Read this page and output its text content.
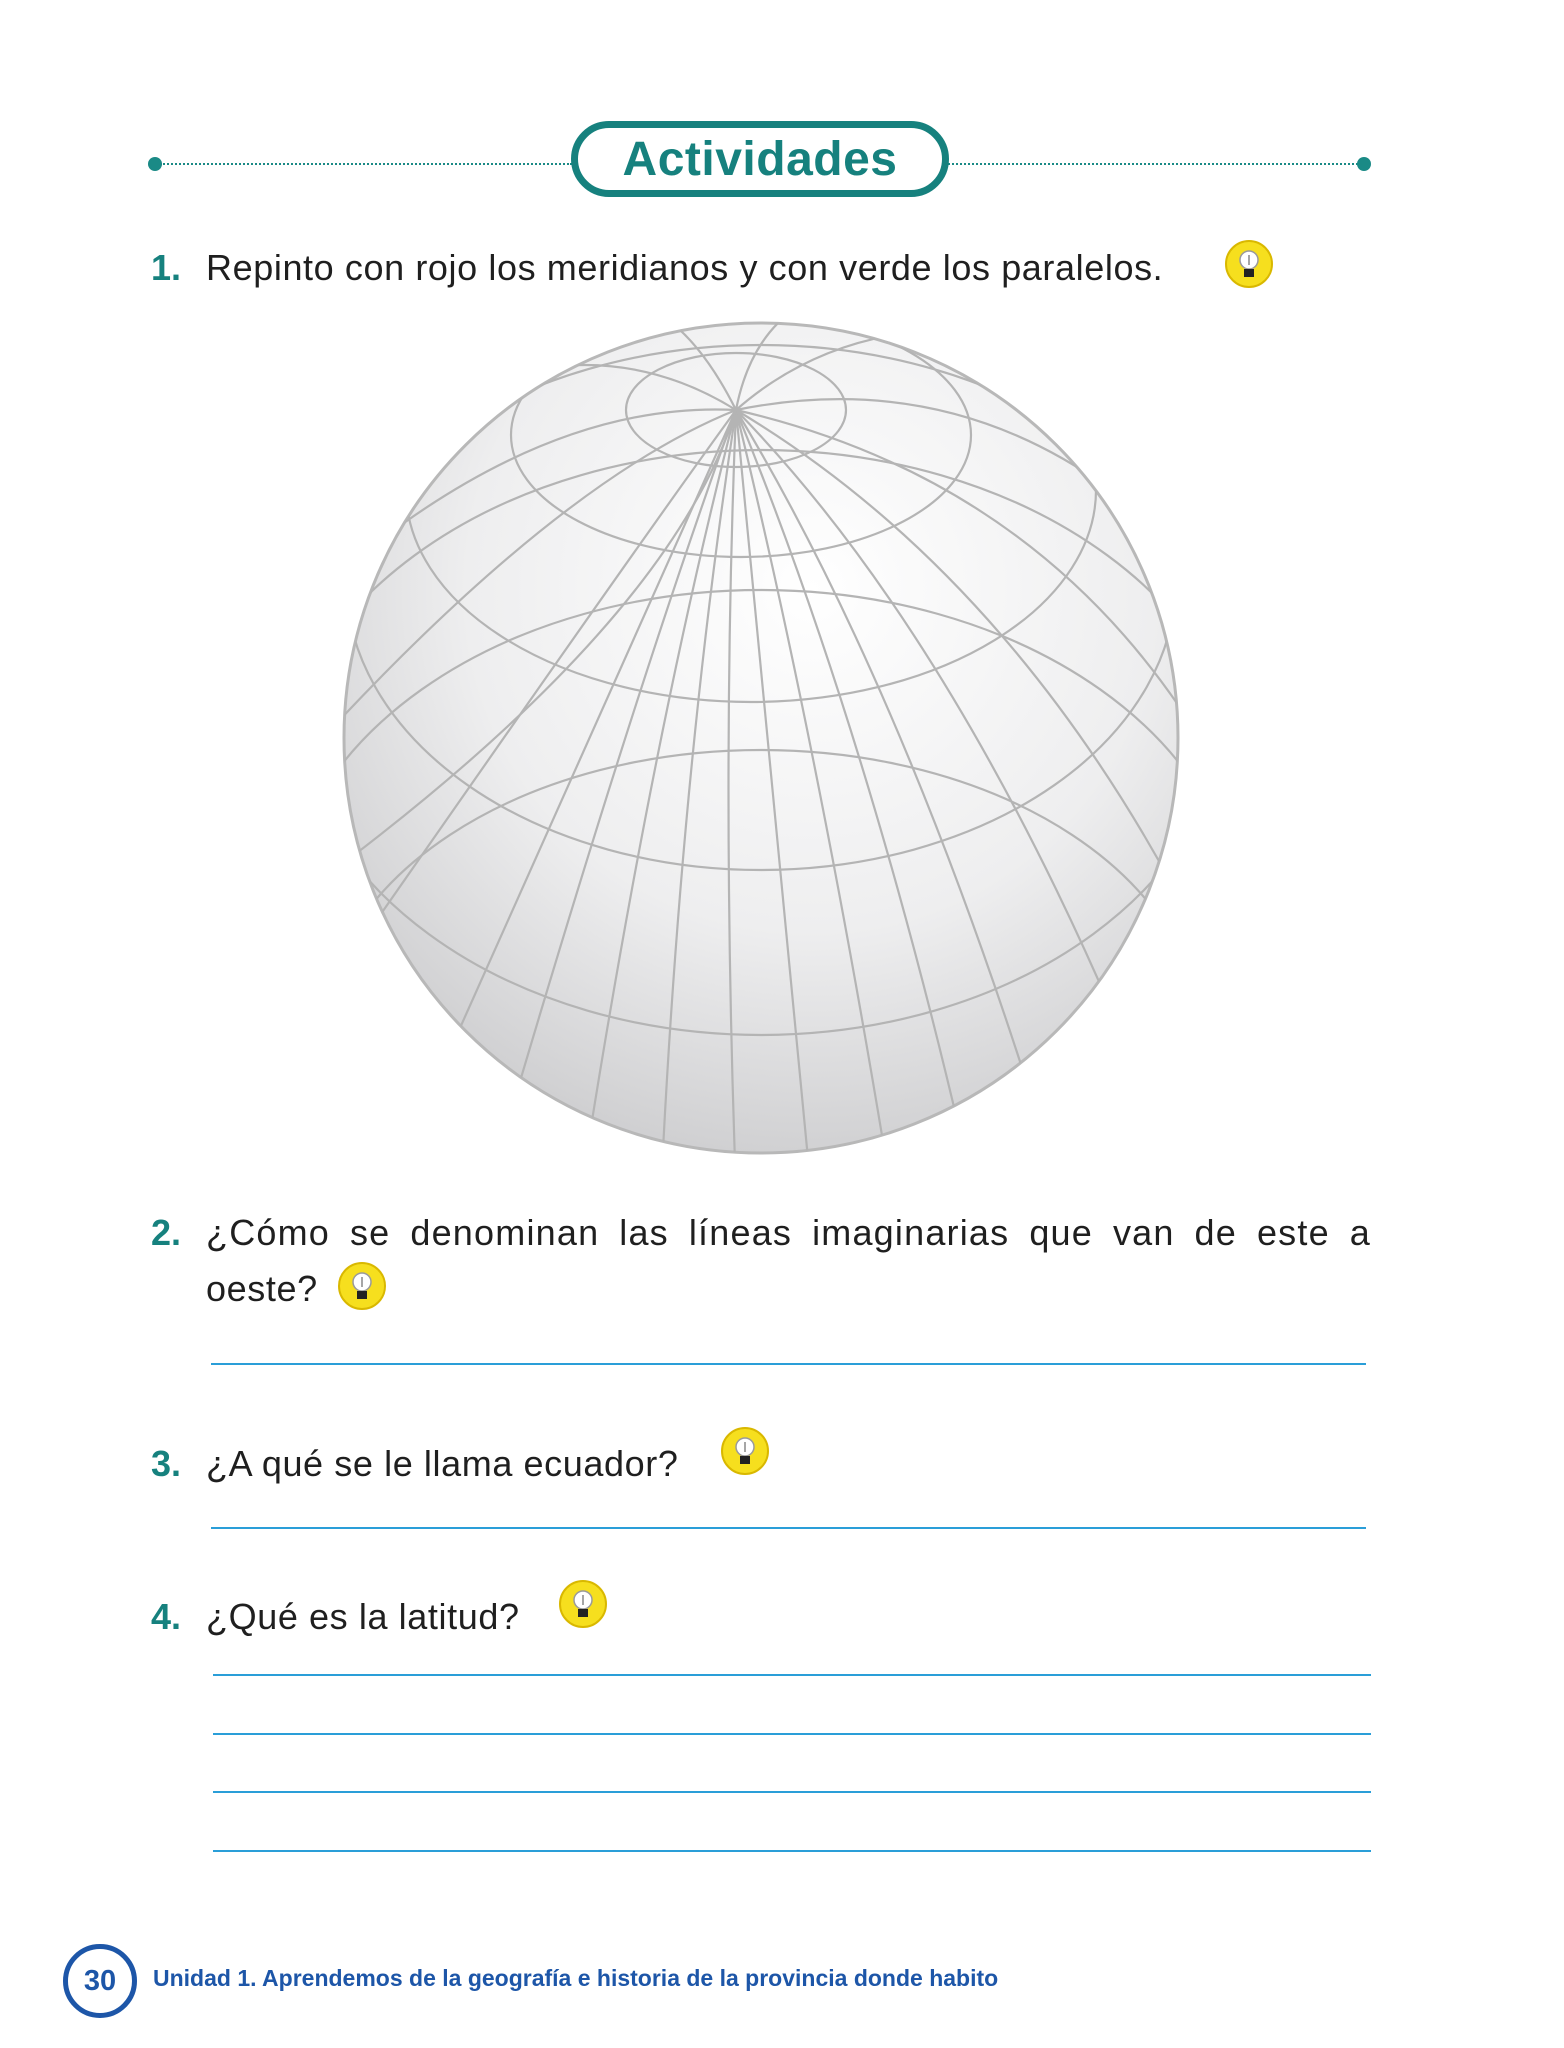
Actividades
1. Repinto con rojo los meridianos y con verde los paralelos.
2. ¿Cómo se denominan las líneas imaginarias que van de este a
oeste?
3. ¿A qué se le llama ecuador?
4. ¿Qué es la latitud?
30 Unidad 1. Aprendemos de la geografía e historia de la provincia donde habito
